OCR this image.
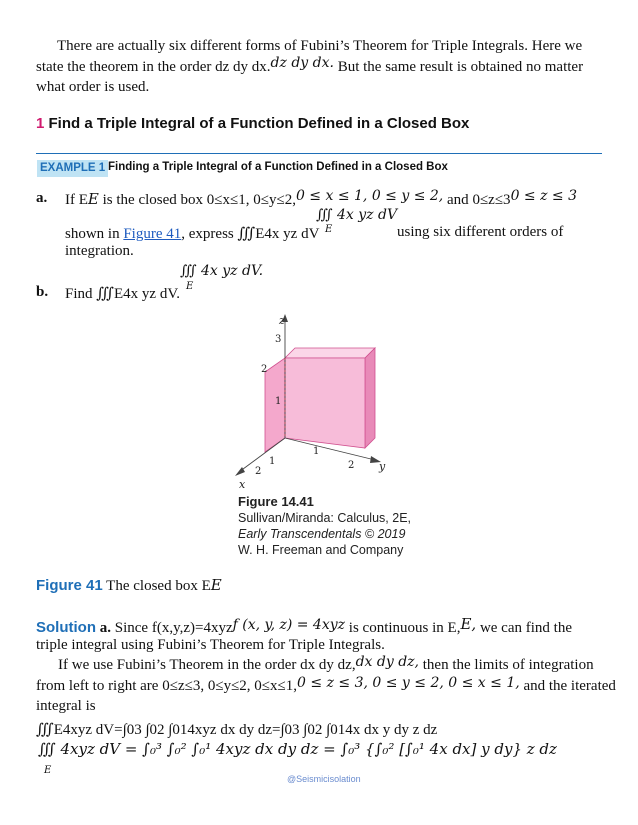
There are actually six different forms of Fubini’s Theorem for Triple Integrals. Here we
state the theorem in the order dz dy dx.dz dy dx. But the same result is obtained no matter
what order is used.
1 Find a Triple Integral of a Function Defined in a Closed Box
EXAMPLE 1 Finding a Triple Integral of a Function Defined in a Closed Box
a. If EE is the closed box 0≤x≤1, 0≤y≤2,0 ≤ x ≤ 1, 0 ≤ y ≤ 2, and 0≤z≤30 ≤ z ≤ 3
∭ 4x yz dV
E
shown in Figure 41, express ∭E4x yz dV	using six different orders of
integration.
∭ 4x yz dV.
E
b. Find ∭E4x yz dV.
z
y
x
3
2
1
1
2
1
2
Figure 14.41
Sullivan/Miranda: Calculus, 2E,
Early Transcendentals © 2019
W. H. Freeman and Company
Figure 41 The closed box EE
Solution a. Since f(x,y,z)=4xyzf (x, y, z) = 4xyz is continuous in E,E, we can find the
triple integral using Fubini’s Theorem for Triple Integrals.
If we use Fubini’s Theorem in the order dx dy dz,dx dy dz, then the limits of integration
from left to right are 0≤z≤3, 0≤y≤2, 0≤x≤1,0 ≤ z ≤ 3, 0 ≤ y ≤ 2, 0 ≤ x ≤ 1, and the iterated
integral is
∭E4xyz dV=∫03 ∫02 ∫014xyz dx dy dz=∫03 ∫02 ∫014x dx y dy z dz
∭ 4xyz dV = ∫₀³ ∫₀² ∫₀¹ 4xyz dx dy dz = ∫₀³ {∫₀² [∫₀¹ 4x dx] y dy} z dz
E
@Seismicisolation
